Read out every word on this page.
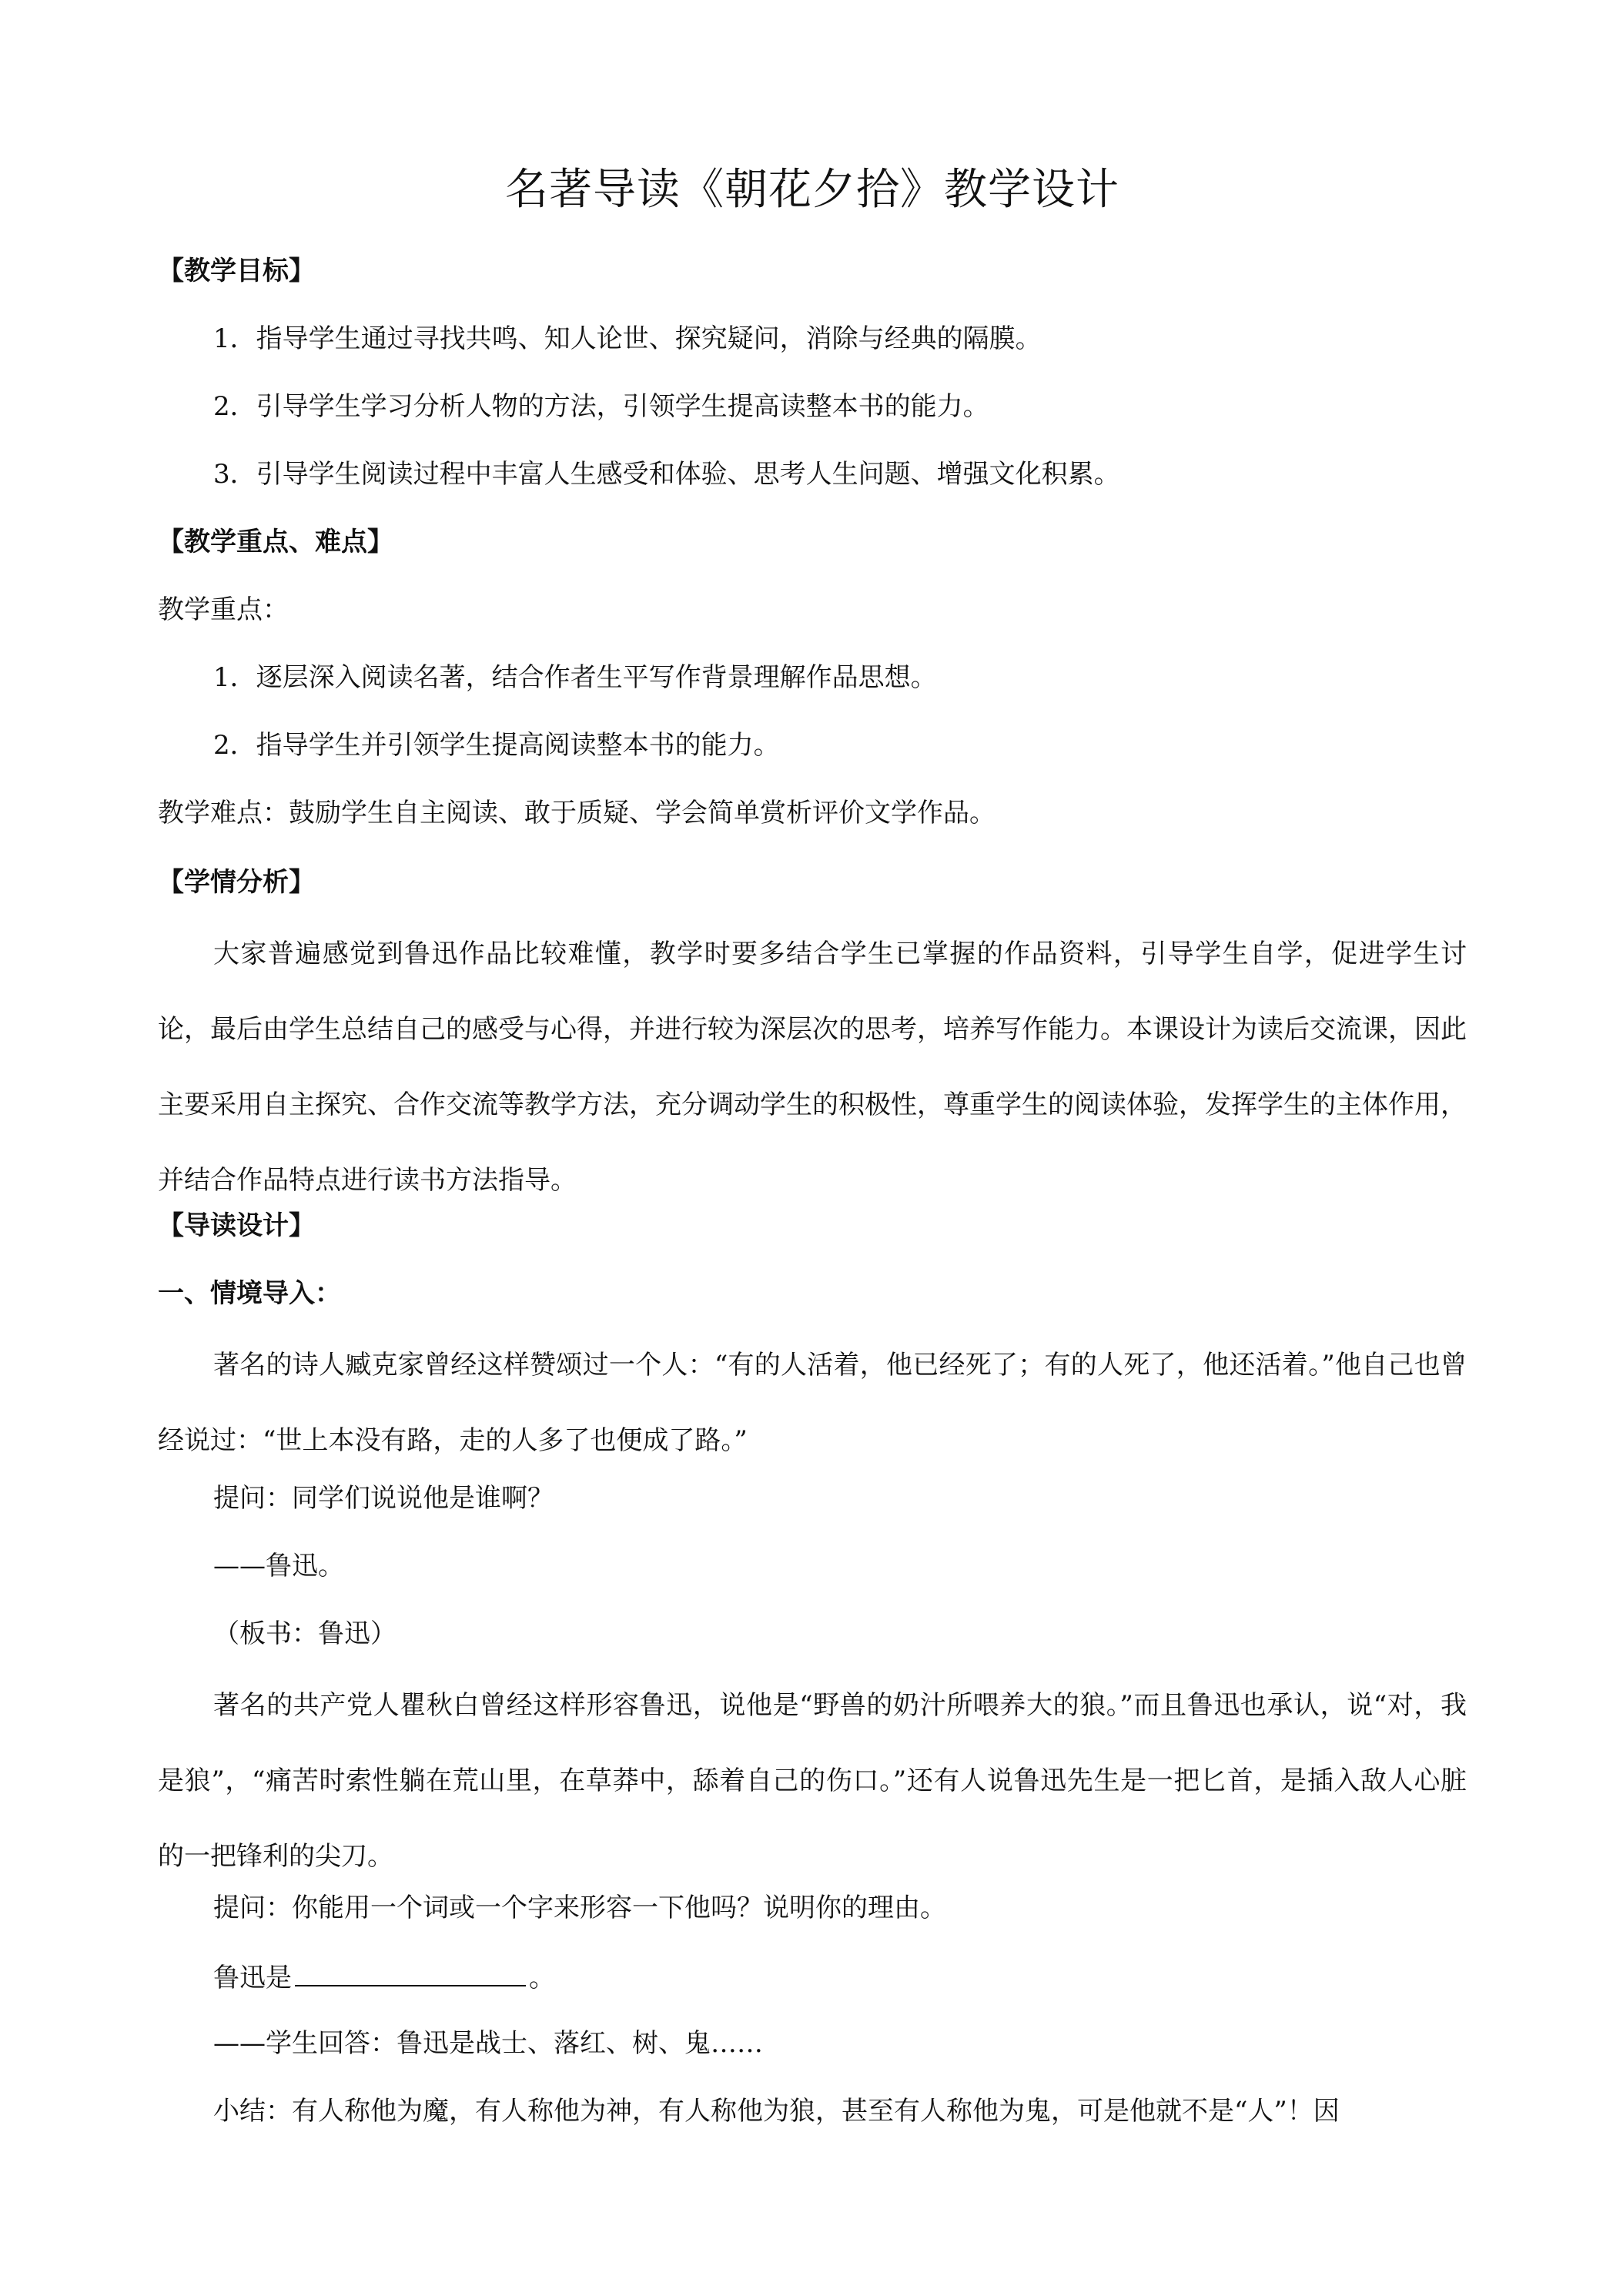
名著导读《朝花夕拾》教学设计
【教学目标】
1．指导学生通过寻找共鸣、知人论世、探究疑问，消除与经典的隔膜。
2．引导学生学习分析人物的方法，引领学生提高读整本书的能力。
3．引导学生阅读过程中丰富人生感受和体验、思考人生问题、增强文化积累。
【教学重点、难点】
教学重点：
1．逐层深入阅读名著，结合作者生平写作背景理解作品思想。
2．指导学生并引领学生提高阅读整本书的能力。
教学难点：鼓励学生自主阅读、敢于质疑、学会简单赏析评价文学作品。
【学情分析】
大家普遍感觉到鲁迅作品比较难懂，教学时要多结合学生已掌握的作品资料，引导学生自学，促进学生讨论，最后由学生总结自己的感受与心得，并进行较为深层次的思考，培养写作能力。本课设计为读后交流课，因此主要采用自主探究、合作交流等教学方法，充分调动学生的积极性，尊重学生的阅读体验，发挥学生的主体作用，并结合作品特点进行读书方法指导。
【导读设计】
一、情境导入：
著名的诗人臧克家曾经这样赞颂过一个人：“有的人活着，他已经死了；有的人死了，他还活着。”他自己也曾经说过：“世上本没有路，走的人多了也便成了路。”
提问：同学们说说他是谁啊？
——鲁迅。
（板书：鲁迅）
著名的共产党人瞿秋白曾经这样形容鲁迅，说他是“野兽的奶汁所喂养大的狼。”而且鲁迅也承认，说“对，我是狼”，“痛苦时索性躺在荒山里，在草莽中，舔着自己的伤口。”还有人说鲁迅先生是一把匕首，是插入敌人心脏的一把锋利的尖刀。
提问：你能用一个词或一个字来形容一下他吗？说明你的理由。
鲁迅是	。
——学生回答：鲁迅是战士、落红、树、鬼……
小结：有人称他为魔，有人称他为神，有人称他为狼，甚至有人称他为鬼，可是他就不是“人”！因
